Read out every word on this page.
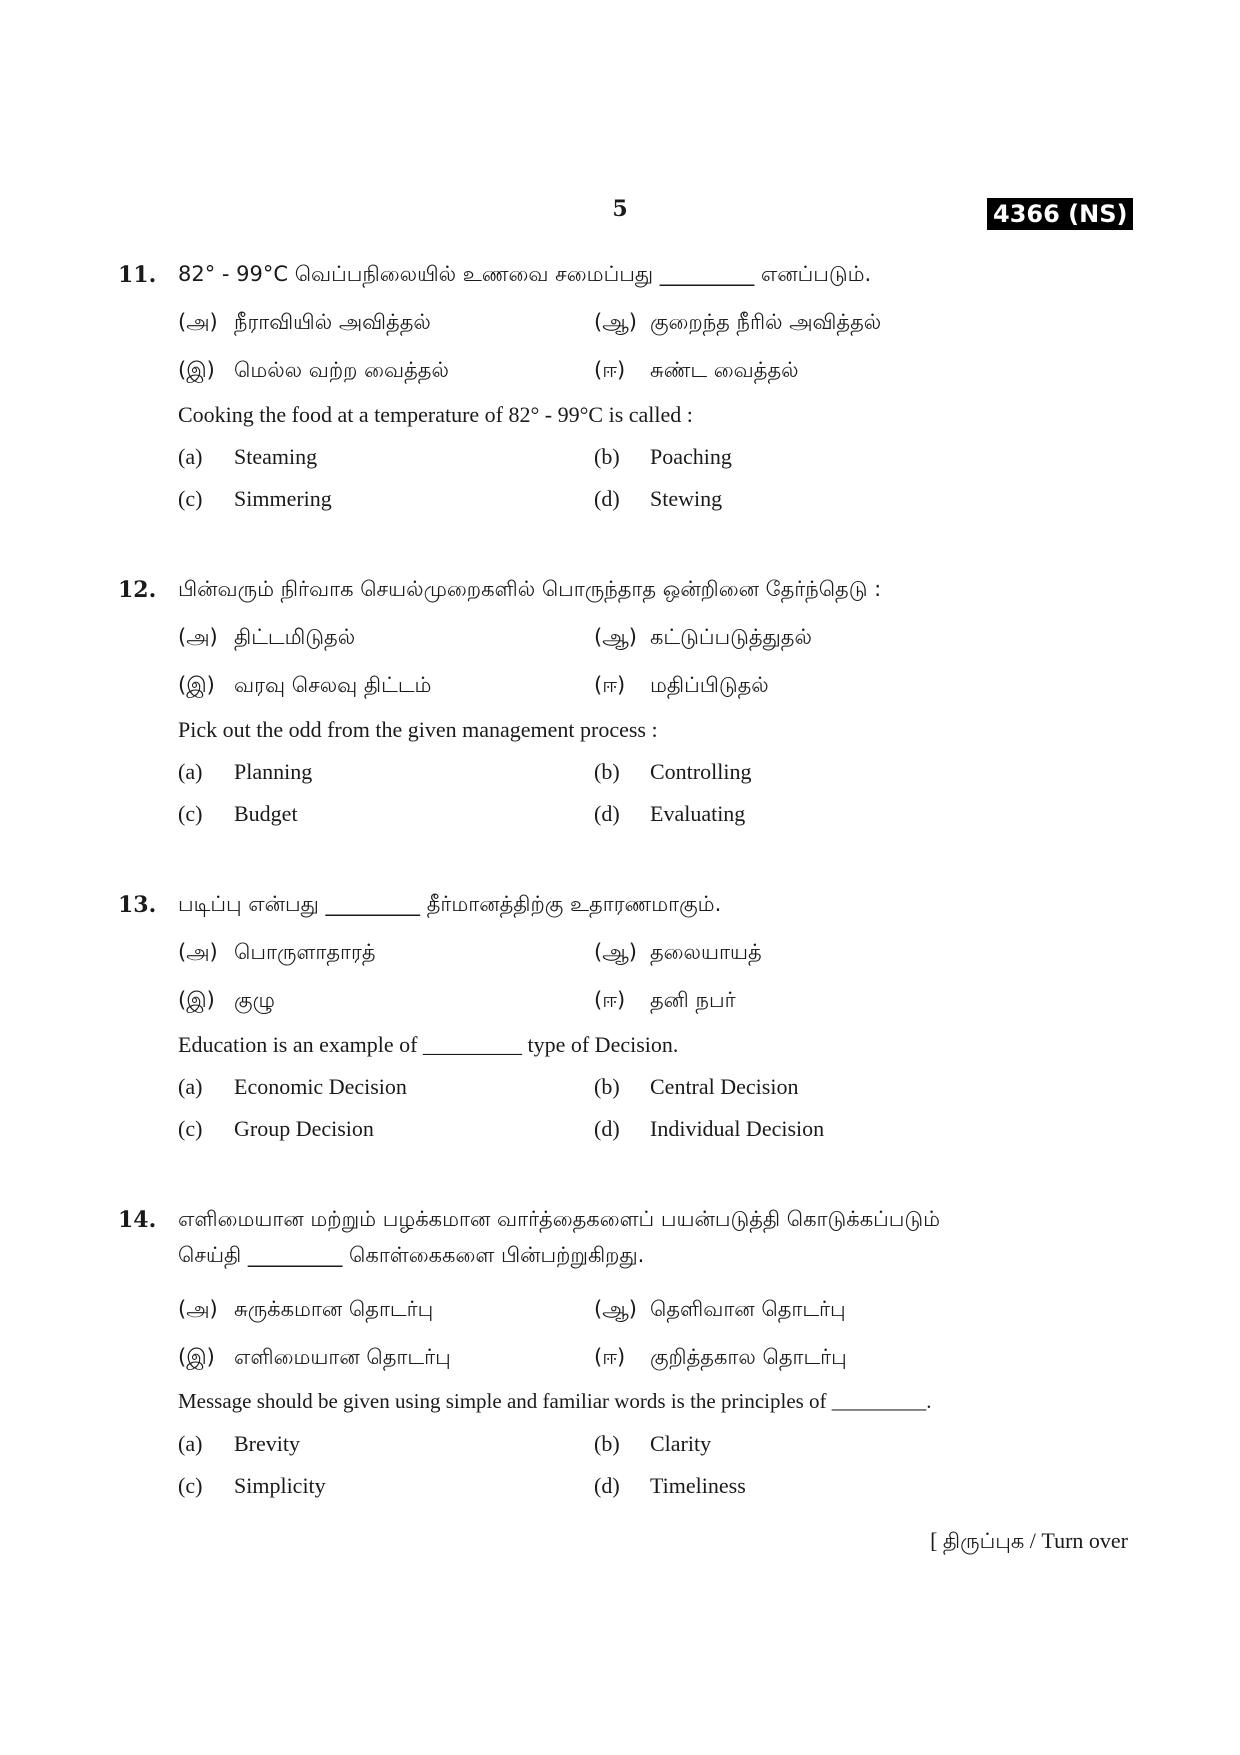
5	4366 (NS)
11. 82° - 99°C வெப்பநிலையில் உணவை சமைப்பது _________ எனப்படும்.
(அ) நீராவியில் அவித்தல்	(ஆ) குறைந்த நீரில் அவித்தல்
(இ) மெல்ல வற்ற வைத்தல்	(ஈ) சுண்ட வைத்தல்
Cooking the food at a temperature of 82° - 99°C is called :
(a) Steaming	(b) Poaching
(c) Simmering	(d) Stewing
12. பின்வரும் நிர்வாக செயல்முறைகளில் பொருந்தாத ஒன்றினை தேர்ந்தெடு :
(அ) திட்டமிடுதல்	(ஆ) கட்டுப்படுத்துதல்
(இ) வரவு செலவு திட்டம்	(ஈ) மதிப்பிடுதல்
Pick out the odd from the given management process :
(a) Planning	(b) Controlling
(c) Budget	(d) Evaluating
13. படிப்பு என்பது _________ தீர்மானத்திற்கு உதாரணமாகும்.
(அ) பொருளாதாரத்	(ஆ) தலையாயத்
(இ) குழு	(ஈ) தனி நபர்
Education is an example of _________ type of Decision.
(a) Economic Decision	(b) Central Decision
(c) Group Decision	(d) Individual Decision
14. எளிமையான மற்றும் பழக்கமான வார்த்தைகளைப் பயன்படுத்தி கொடுக்கப்படும்
செய்தி _________ கொள்கைகளை பின்பற்றுகிறது.
(அ) சுருக்கமான தொடர்பு	(ஆ) தெளிவான தொடர்பு
(இ) எளிமையான தொடர்பு	(ஈ) குறித்தகால தொடர்பு
Message should be given using simple and familiar words is the principles of _________.
(a) Brevity	(b) Clarity
(c) Simplicity	(d) Timeliness
[ திருப்புக / Turn over
